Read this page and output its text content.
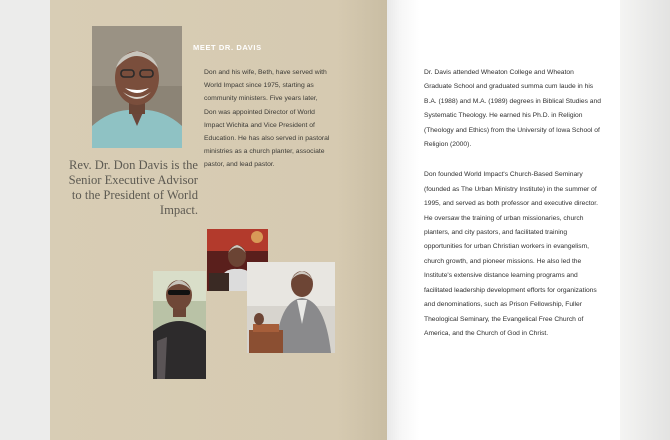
MEET DR. DAVIS

Don and his wife, Beth, have served with World Impact since 1975, starting as community ministers. Five years later, Don was appointed Director of World Impact Wichita and Vice President of Education. He has also served in pastoral ministries as a church planter, associate pastor, and lead pastor.

Rev. Dr. Don Davis is the Senior Executive Advisor to the President of World Impact.

Dr. Davis attended Wheaton College and Wheaton Graduate School and graduated summa cum laude in his B.A. (1988) and M.A. (1989) degrees in Biblical Studies and Systematic Theology. He earned his Ph.D. in Religion (Theology and Ethics) from the University of Iowa School of Religion (2000).

Don founded World Impact's Church-Based Seminary (founded as The Urban Ministry Institute) in the summer of 1995, and served as both professor and executive director. He oversaw the training of urban missionaries, church planters, and city pastors, and facilitated training opportunities for urban Christian workers in evangelism, church growth, and pioneer missions. He also led the Institute's extensive distance learning programs and facilitated leadership development efforts for organizations and denominations, such as Prison Fellowship, Fuller Theological Seminary, the Evangelical Free Church of America, and the Church of God in Christ.
